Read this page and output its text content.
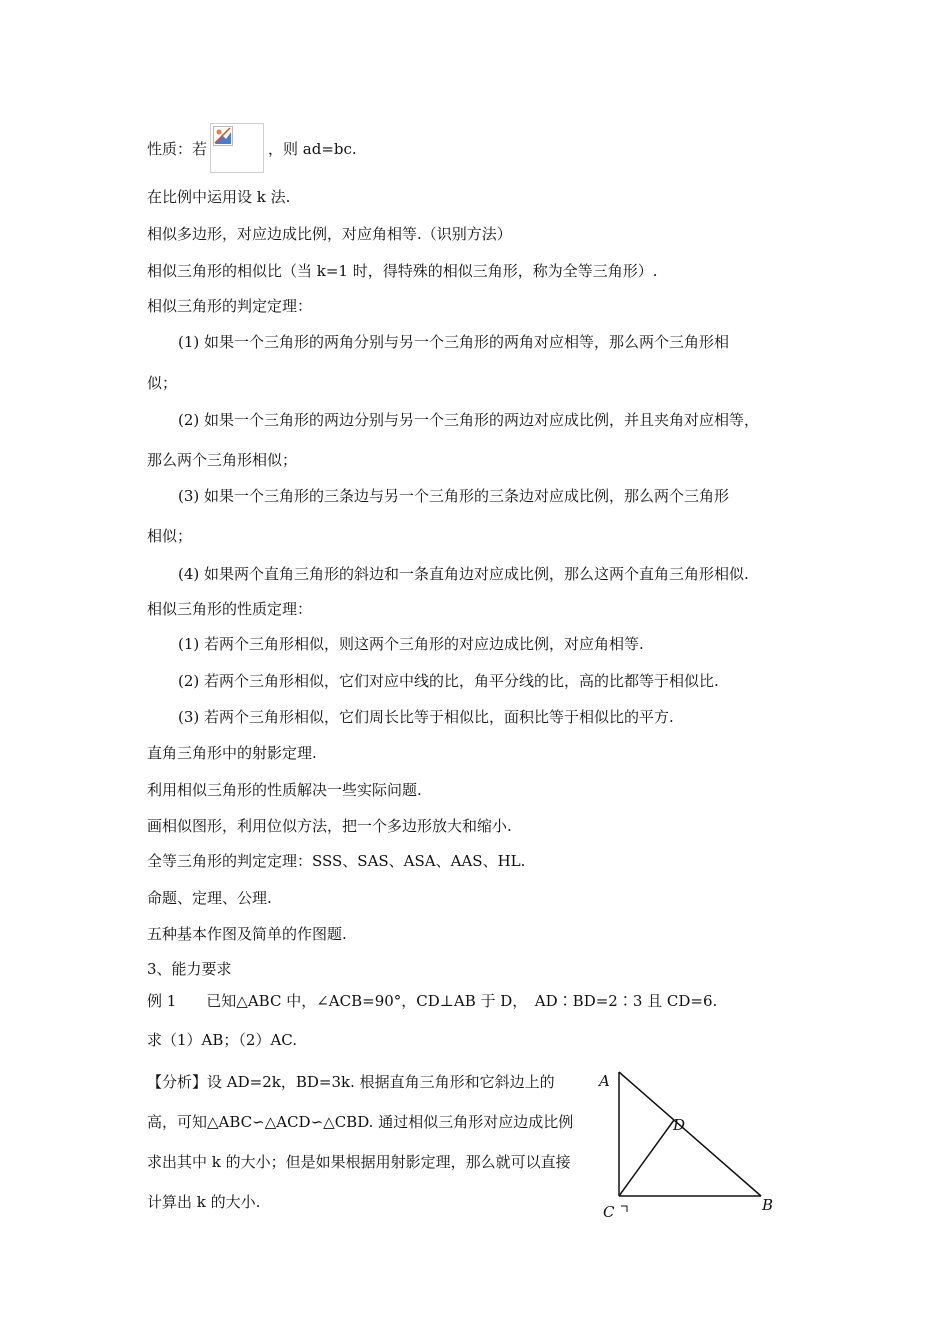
性质：若	，则 ad=bc.
在比例中运用设 k 法.
相似多边形，对应边成比例，对应角相等.（识别方法）
相似三角形的相似比（当 k=1 时，得特殊的相似三角形，称为全等三角形）.
相似三角形的判定定理：
(1) 如果一个三角形的两角分别与另一个三角形的两角对应相等，那么两个三角形相
似；
(2) 如果一个三角形的两边分别与另一个三角形的两边对应成比例，并且夹角对应相等，
那么两个三角形相似；
(3) 如果一个三角形的三条边与另一个三角形的三条边对应成比例，那么两个三角形
相似；
(4) 如果两个直角三角形的斜边和一条直角边对应成比例，那么这两个直角三角形相似.
相似三角形的性质定理：
(1) 若两个三角形相似，则这两个三角形的对应边成比例，对应角相等.
(2) 若两个三角形相似，它们对应中线的比，角平分线的比，高的比都等于相似比.
(3) 若两个三角形相似，它们周长比等于相似比，面积比等于相似比的平方.
直角三角形中的射影定理.
利用相似三角形的性质解决一些实际问题.
画相似图形，利用位似方法，把一个多边形放大和缩小.
全等三角形的判定定理：SSS、SAS、ASA、AAS、HL.
命题、定理、公理.
五种基本作图及简单的作图题.
3、能力要求
例 1　　已知△ABC 中，∠ACB=90°，CD⊥AB 于 D，　AD∶BD=2∶3 且 CD=6.
求（1）AB；（2）AC.
【分析】设 AD=2k，BD=3k. 根据直角三角形和它斜边上的高，可知△ABC∽△ACD∽△CBD. 通过相似三角形对应边成比例求出其中 k 的大小；但是如果根据用射影定理，那么就可以直接计算出 k 的大小.
A
D
C	B
